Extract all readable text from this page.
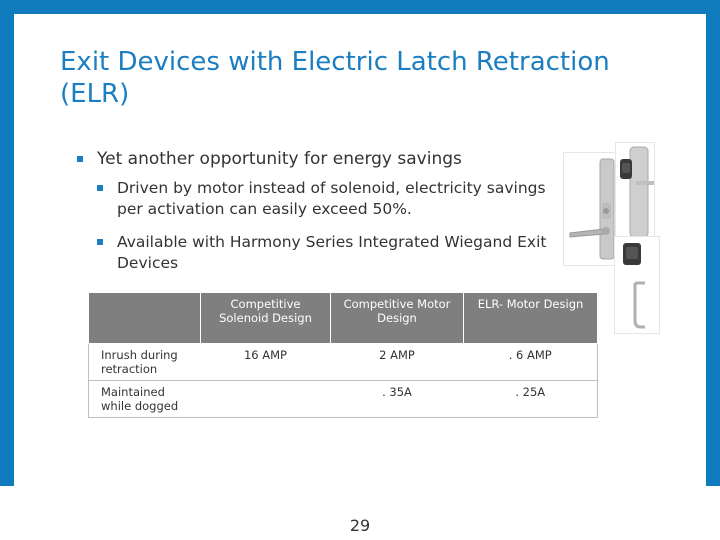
Exit Devices with Electric Latch Retraction (ELR)
Yet another opportunity for energy savings
Driven by motor instead of solenoid, electricity savings per activation can easily exceed 50%.
Available with Harmony Series Integrated Wiegand Exit Devices
	Competitive Solenoid Design	Competitive Motor Design	ELR- Motor Design
Inrush during retraction	16 AMP	2 AMP	. 6 AMP
Maintained while dogged		. 35A	. 25A
29
